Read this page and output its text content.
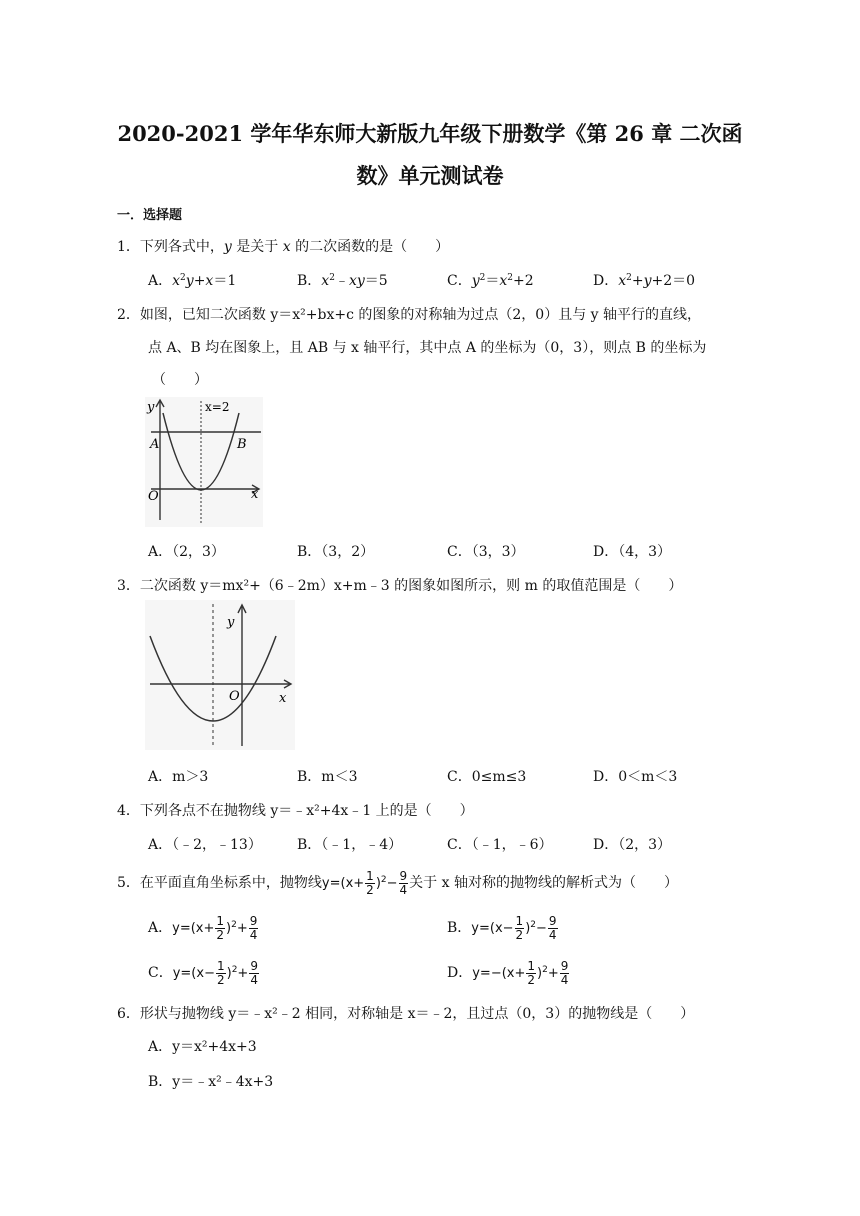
2020-2021 学年华东师大新版九年级下册数学《第 26 章 二次函
数》单元测试卷
一．选择题
1．下列各式中，y 是关于 x 的二次函数的是（　　）
A．$x^2y+x=1$	B．$x^2﹣xy=5$	C．$y^2=x^2+2$	D．$x^2+y+2=0$
2．如图，已知二次函数 y＝x²+bx+c 的图象的对称轴为过点（2，0）且与 y 轴平行的直线，
点 A、B 均在图象上，且 AB 与 x 轴平行，其中点 A 的坐标为（0，3），则点 B 的坐标为
（　　）
y	x=2
A	B
O	x
A．（2，3）	B．（3，2）	C．（3，3）	D．（4，3）
3．二次函数 y＝mx²+（6﹣2m）x+m﹣3 的图象如图所示，则 m 的取值范围是（　　）
y
O	x
A．m＞3	B．m＜3	C．0≤m≤3	D．0＜m＜3
4．下列各点不在抛物线 y＝﹣x²+4x﹣1 上的是（　　）
A．（﹣2，﹣13）	B．（﹣1，﹣4）	C．（﹣1，﹣6）	D．（2，3）
5．在平面直角坐标系中，抛物线$y=(x+ \frac{1}{2} )^2- \frac{9}{4}$ 关于 x 轴对称的抛物线的解析式为（　　）
A．$y=(x+ \frac{1}{2} )^2+ \frac{9}{4}$	B．$y=(x- \frac{1}{2} )^2- \frac{9}{4}$
C．$y=(x- \frac{1}{2} )^2+ \frac{9}{4}$	D．$y=-(x+ \frac{1}{2} )^2+ \frac{9}{4}$
6．形状与抛物线 y＝﹣x²﹣2 相同，对称轴是 x＝﹣2，且过点（0，3）的抛物线是（　　）
A．y＝x²+4x+3
B．y＝﹣x²﹣4x+3
